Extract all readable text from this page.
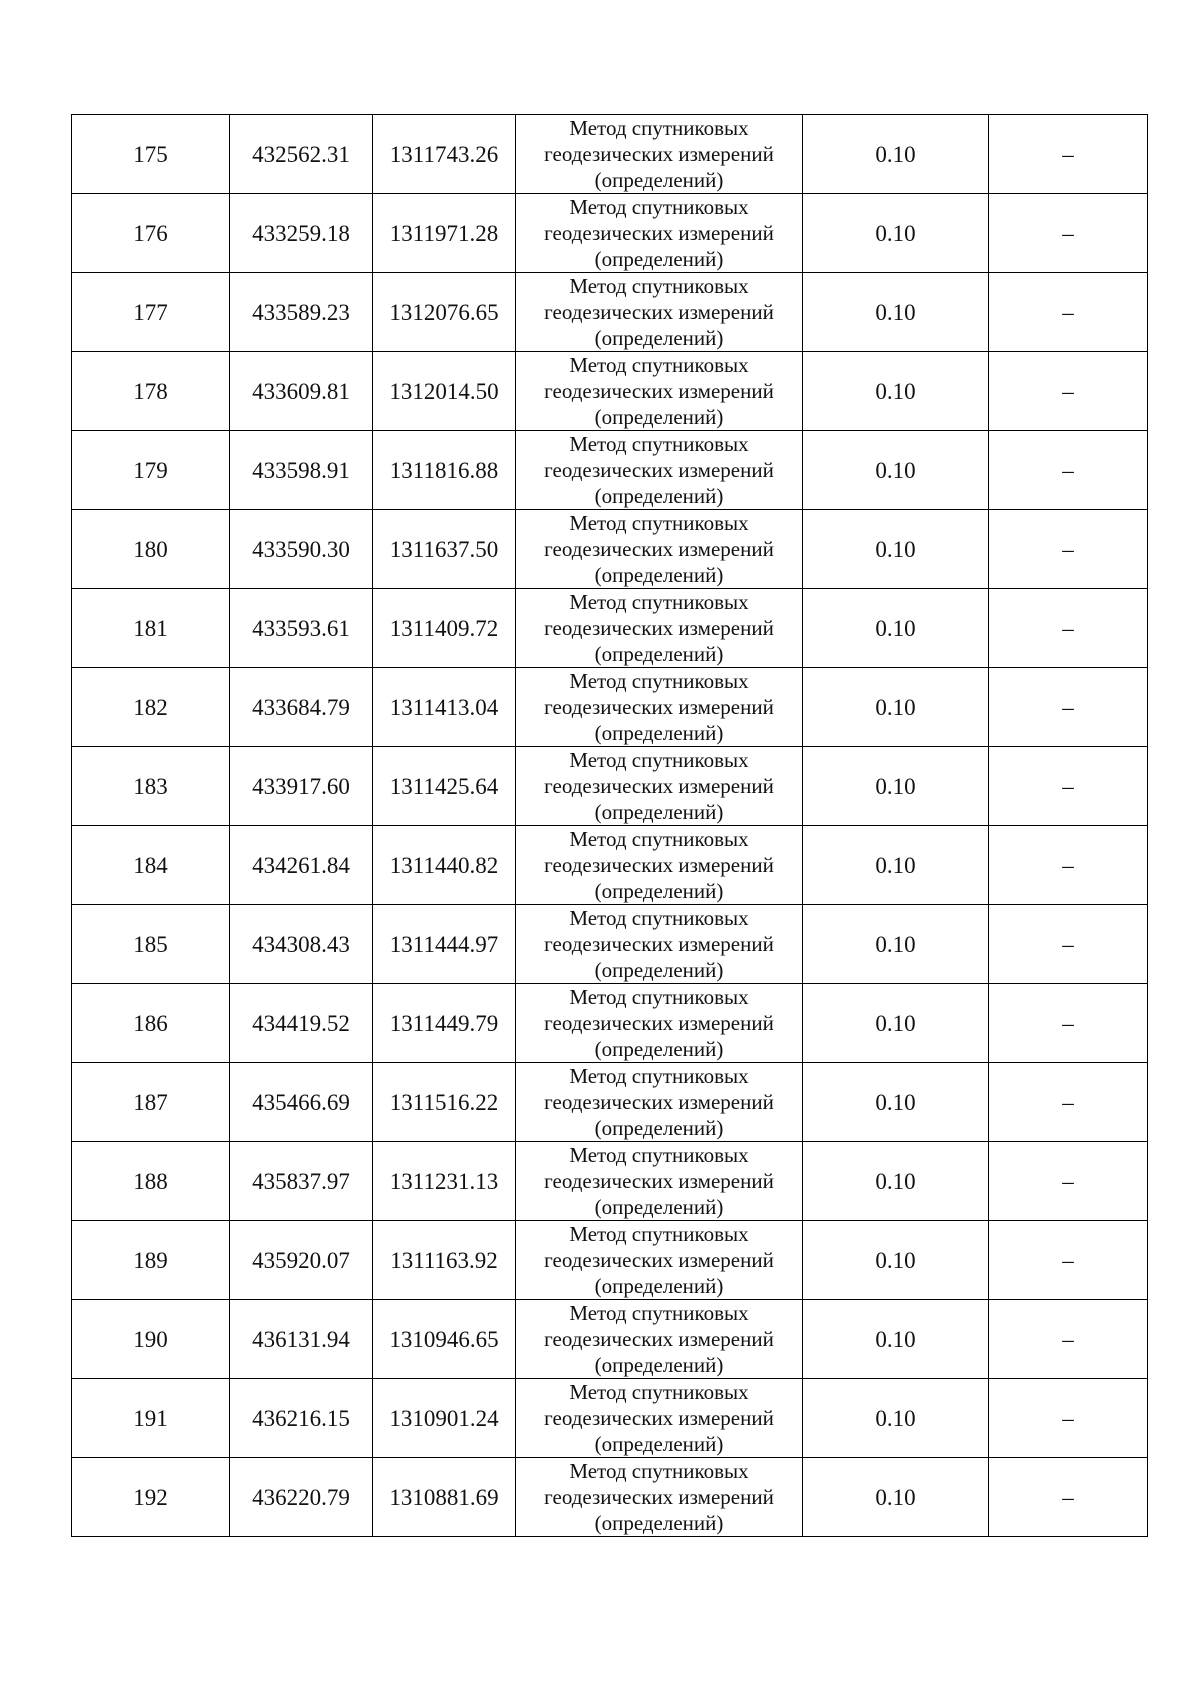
175	432562.31	1311743.26	Метод спутниковых
геодезических измерений
(определений)	0.10	–
176	433259.18	1311971.28	Метод спутниковых
геодезических измерений
(определений)	0.10	–
177	433589.23	1312076.65	Метод спутниковых
геодезических измерений
(определений)	0.10	–
178	433609.81	1312014.50	Метод спутниковых
геодезических измерений
(определений)	0.10	–
179	433598.91	1311816.88	Метод спутниковых
геодезических измерений
(определений)	0.10	–
180	433590.30	1311637.50	Метод спутниковых
геодезических измерений
(определений)	0.10	–
181	433593.61	1311409.72	Метод спутниковых
геодезических измерений
(определений)	0.10	–
182	433684.79	1311413.04	Метод спутниковых
геодезических измерений
(определений)	0.10	–
183	433917.60	1311425.64	Метод спутниковых
геодезических измерений
(определений)	0.10	–
184	434261.84	1311440.82	Метод спутниковых
геодезических измерений
(определений)	0.10	–
185	434308.43	1311444.97	Метод спутниковых
геодезических измерений
(определений)	0.10	–
186	434419.52	1311449.79	Метод спутниковых
геодезических измерений
(определений)	0.10	–
187	435466.69	1311516.22	Метод спутниковых
геодезических измерений
(определений)	0.10	–
188	435837.97	1311231.13	Метод спутниковых
геодезических измерений
(определений)	0.10	–
189	435920.07	1311163.92	Метод спутниковых
геодезических измерений
(определений)	0.10	–
190	436131.94	1310946.65	Метод спутниковых
геодезических измерений
(определений)	0.10	–
191	436216.15	1310901.24	Метод спутниковых
геодезических измерений
(определений)	0.10	–
192	436220.79	1310881.69	Метод спутниковых
геодезических измерений
(определений)	0.10	–
